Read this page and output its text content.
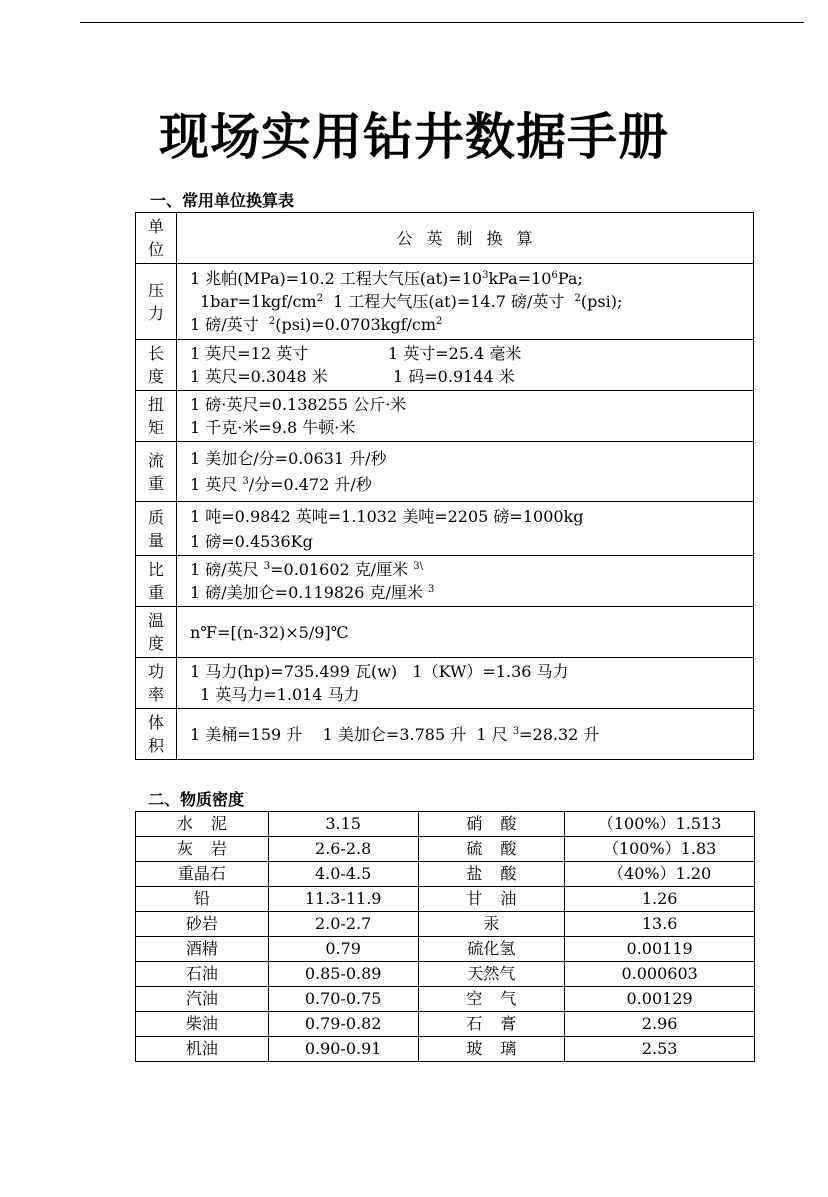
现场实用钻井数据手册
一、常用单位换算表
单
位	公英制换算

压
力	1 兆帕(MPa)=10.2 工程大气压$(at)=10^3kPa=10^6Pa$;
$1bar=1kgf/cm^2$  1 工程大气压(at)=14.7 磅/英寸  $^2$(psi);
1 磅/英寸  $^2(psi)=0.0703kgf/cm^2$

长
度	1 英尺=12 英寸 1 英寸=25.4 毫米
1 英尺=0.3048 米 1 码=0.9144 米

扭
矩	1 磅·英尺=0.138255 公斤·米
1 千克·米=9.8 牛顿·米

流
重	1 美加仑/分=0.0631 升/秒
1 英尺 $^3$/分=0.472 升/秒

质
量	1 吨=0.9842 英吨=1.1032 美吨=2205 磅=1000kg
1 磅=0.4536Kg

比
重	1 磅/英尺 $^3$=0.01602 克/厘米 $^{3\backslash}$
1 磅/美加仑=0.119826 克/厘米 $^3$

温
度	n℉=[(n-32)×5/9]℃

功
率	1 马力(hp)=735.499 瓦(w)   1（KW）=1.36 马力
1 英马力=1.014 马力

体
积	1 美桶=159 升    1 美加仑=3.785 升  1 尺 $^3$=28.32 升
二、物质密度
水泥	3.15	硝酸	（100%）1.513
灰岩	2.6-2.8	硫酸	（100%）1.83
重晶石	4.0-4.5	盐酸	（40%）1.20
铅	11.3-11.9	甘油	1.26
砂岩	2.0-2.7	汞	13.6
酒精	0.79	硫化氢	0.00119
石油	0.85-0.89	天然气	0.000603
汽油	0.70-0.75	空气	0.00129
柴油	0.79-0.82	石膏	2.96
机油	0.90-0.91	玻璃	2.53
